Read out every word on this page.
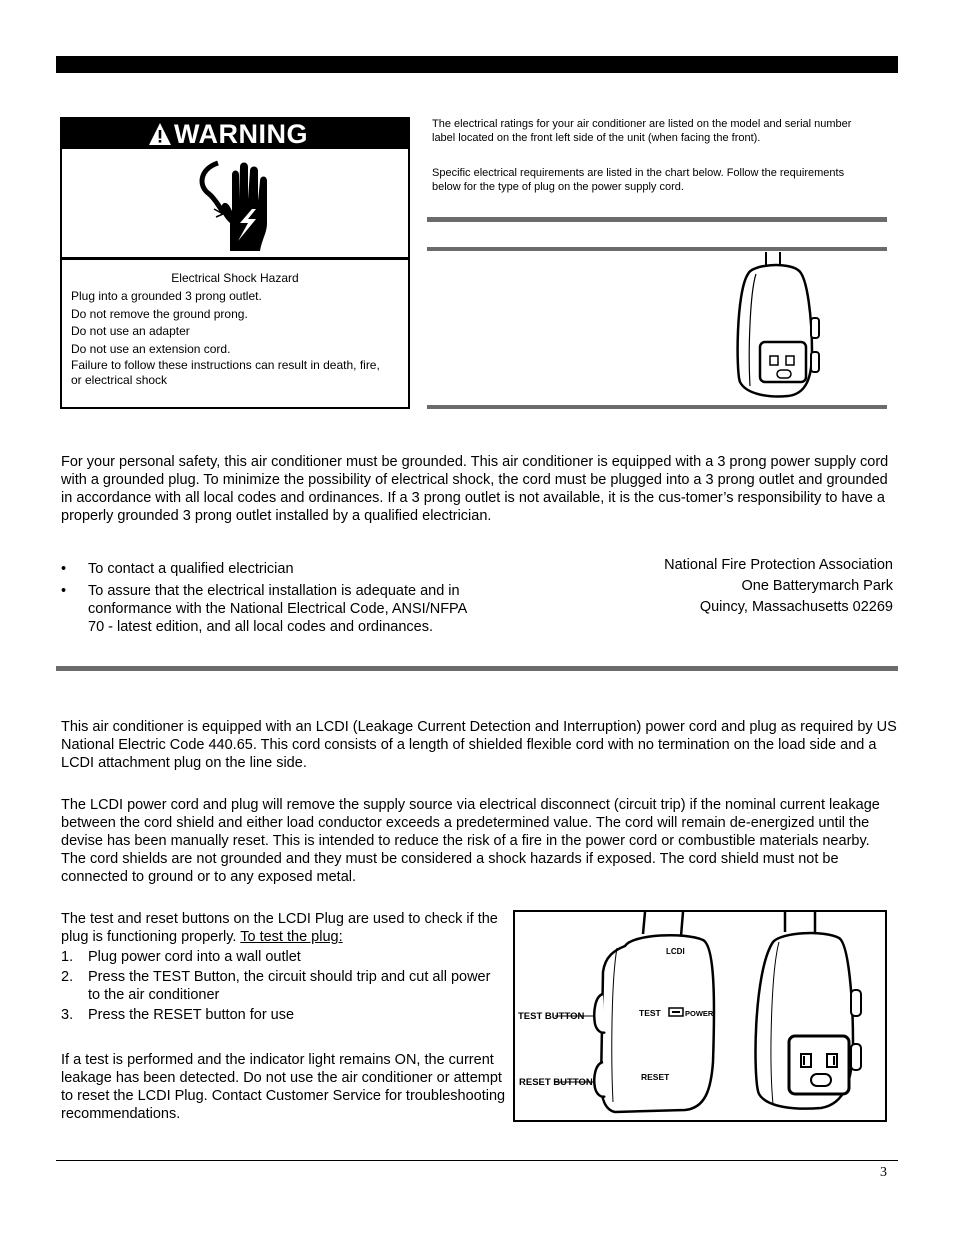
WARNING
Electrical Shock Hazard
Plug into a grounded 3 prong outlet.
Do not remove the ground prong.
Do not use an adapter
Do not use an extension cord.
Failure to follow these instructions can result in death, fire, or electrical shock
The electrical ratings for your air conditioner are listed on the model and serial number label located on the front left side of the unit (when facing the front).
Specific electrical requirements are listed in the chart below. Follow the requirements below for the type of plug on the power supply cord.
For your personal safety, this air conditioner must be grounded. This air conditioner is equipped with a 3 prong power supply cord with a grounded plug. To minimize the possibility of electrical shock, the cord must be plugged into a 3 prong outlet and grounded in accordance with all local codes and ordinances. If a 3 prong outlet is not available, it is the cus-tomer’s responsibility to have a properly grounded 3 prong outlet installed by a qualified electrician.
• To contact a qualified electrician
• To assure that the electrical installation is adequate and in conformance with the National Electrical Code, ANSI/NFPA 70 - latest edition, and all local codes and ordinances.
National Fire Protection Association
One Batterymarch Park
Quincy, Massachusetts 02269
This air conditioner is equipped with an LCDI (Leakage Current Detection and Interruption) power cord and plug as required by US National Electric Code 440.65. This cord consists of a length of shielded flexible cord with no termination on the load side and a LCDI attachment plug on the line side.
The LCDI power cord and plug will remove the supply source via electrical disconnect (circuit trip) if the nominal current leakage between the cord shield and either load conductor exceeds a predetermined value. The cord will remain de-energized until the devise has been manually reset. This is intended to reduce the risk of a fire in the power cord or combustible materials nearby. The cord shields are not grounded and they must be considered a shock hazards if exposed. The cord shield must not be connected to ground or to any exposed metal.
The test and reset buttons on the LCDI Plug are used to check if the plug is functioning properly. To test the plug:
1. Plug power cord into a wall outlet
2. Press the TEST Button, the circuit should trip and cut all power to the air conditioner
3. Press the RESET button for use
If a test is performed and the indicator light remains ON, the current leakage has been detected. Do not use the air conditioner or attempt to reset the LCDI Plug. Contact Customer Service for troubleshooting recommendations.
TEST BUTTON
RESET BUTTON
LCDI
TEST	POWER
RESET
3
